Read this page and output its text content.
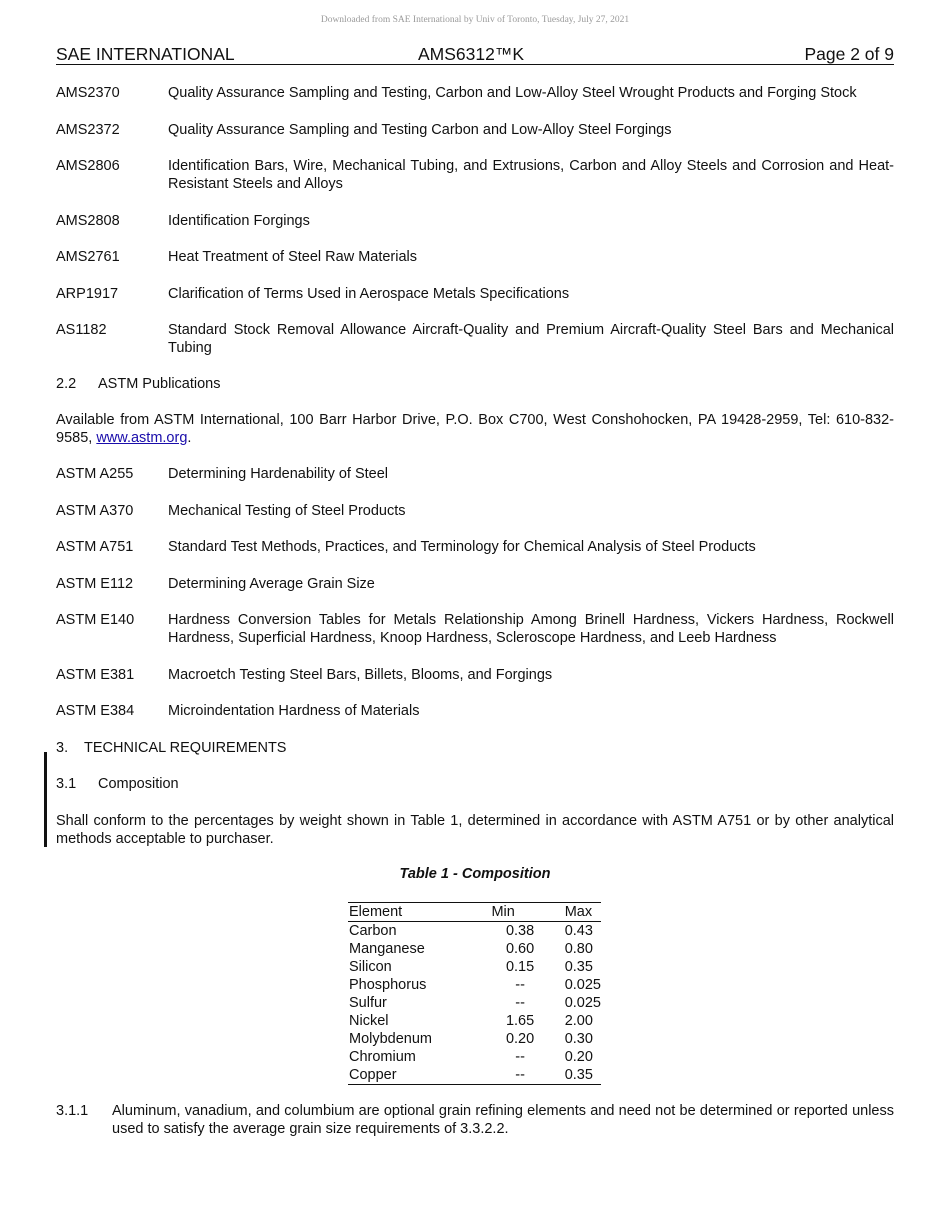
Downloaded from SAE International by Univ of Toronto, Tuesday, July 27, 2021
SAE INTERNATIONAL	AMS6312™K	Page 2 of 9
AMS2370	Quality Assurance Sampling and Testing, Carbon and Low-Alloy Steel Wrought Products and Forging Stock
AMS2372	Quality Assurance Sampling and Testing Carbon and Low-Alloy Steel Forgings
AMS2806	Identification Bars, Wire, Mechanical Tubing, and Extrusions, Carbon and Alloy Steels and Corrosion and Heat-Resistant Steels and Alloys
AMS2808	Identification Forgings
AMS2761	Heat Treatment of Steel Raw Materials
ARP1917	Clarification of Terms Used in Aerospace Metals Specifications
AS1182	Standard Stock Removal Allowance Aircraft-Quality and Premium Aircraft-Quality Steel Bars and Mechanical Tubing
2.2 ASTM Publications
Available from ASTM International, 100 Barr Harbor Drive, P.O. Box C700, West Conshohocken, PA 19428-2959, Tel: 610-832-9585, www.astm.org.
ASTM A255	Determining Hardenability of Steel
ASTM A370	Mechanical Testing of Steel Products
ASTM A751	Standard Test Methods, Practices, and Terminology for Chemical Analysis of Steel Products
ASTM E112	Determining Average Grain Size
ASTM E140	Hardness Conversion Tables for Metals Relationship Among Brinell Hardness, Vickers Hardness, Rockwell Hardness, Superficial Hardness, Knoop Hardness, Scleroscope Hardness, and Leeb Hardness
ASTM E381	Macroetch Testing Steel Bars, Billets, Blooms, and Forgings
ASTM E384	Microindentation Hardness of Materials
3. TECHNICAL REQUIREMENTS
3.1 Composition
Shall conform to the percentages by weight shown in Table 1, determined in accordance with ASTM A751 or by other analytical methods acceptable to purchaser.
Table 1 - Composition
Element	Min	Max
Carbon	0.38	0.43
Manganese	0.60	0.80
Silicon	0.15	0.35
Phosphorus	--	0.025
Sulfur	--	0.025
Nickel	1.65	2.00
Molybdenum	0.20	0.30
Chromium	--	0.20
Copper	--	0.35
3.1.1	Aluminum, vanadium, and columbium are optional grain refining elements and need not be determined or reported unless used to satisfy the average grain size requirements of 3.3.2.2.
